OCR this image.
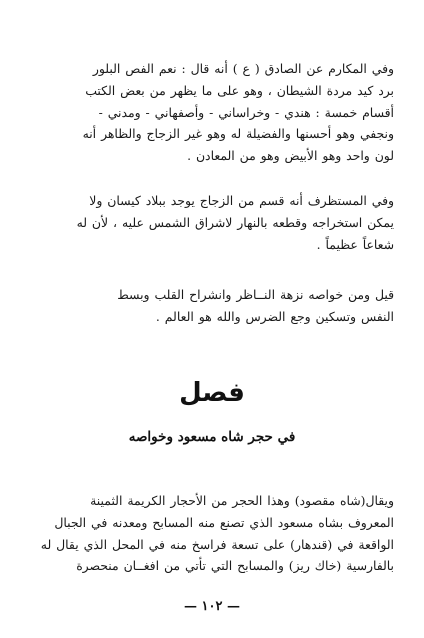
وفي المكارم عن الصادق ( ع ) أنه قال : نعم الفص البلور
برد كيد مردة الشيطان ، وهو على ما يظهر من بعض الكتب
أقسام خمسة : هندي - وخراساني - وأصفهاني - ومدني -
ونجفي وهو أحسنها والفضيلة له وهو غير الزجاج والظاهر أنه
لون واحد وهو الأبيض وهو من المعادن .

وفي المستظرف أنه قسم من الزجاج يوجد ببلاد كيسان ولا
يمكن استخراجه وقطعه بالنهار لاشراق الشمس عليه ، لأن له
شعاعاً عظيماً .

قيل ومن خواصه نزهة النــاظر وانشراح القلب وبسط
النفس وتسكين وجع الضرس والله هو العالم .

فصل
في حجر شاه مسعود وخواصه

ويقال(شاه مقصود) وهذا الحجر من الأحجار الكريمة الثمينة
المعروف بشاه مسعود الذي تصنع منه المسابح ومعدنه في الجبال
الواقعة في (قندهار) على تسعة فراسخ منه في المحل الذي يقال له
بالفارسية (خاك ريز) والمسابح التي تأتي من افغــان منحصرة

— ١٠٢ —
